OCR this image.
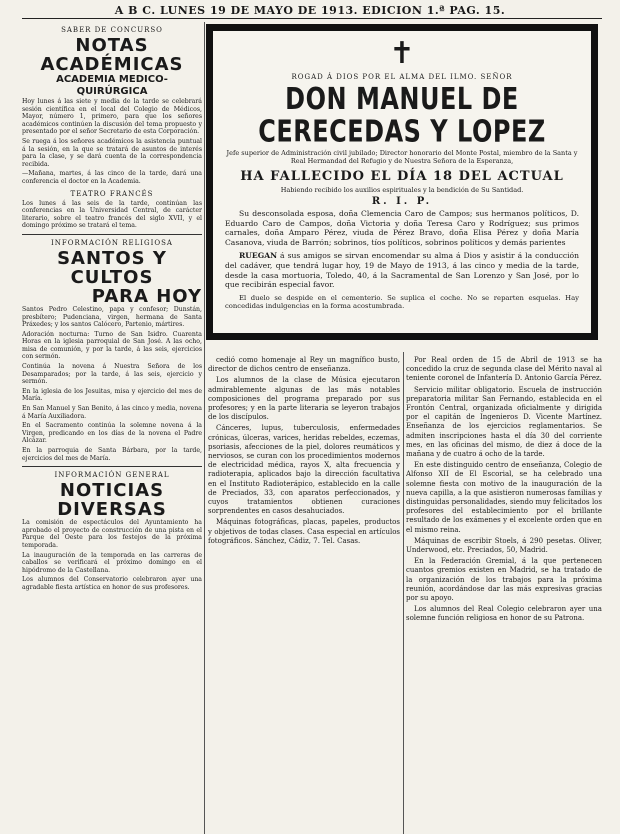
A B C. LUNES 19 DE MAYO DE 1913. EDICION 1.ª PAG. 15.
SABER DE CONCURSO
NOTAS ACADÉMICAS
ACADEMIA MEDICO-QUIRÚRGICA

Hoy lunes á las siete y media de la tarde se celebrará sesión científica en el local del Colegio de Médicos, Mayor, número 1, primero, para que los señores académicos continúen la discusión del tema propuesto y presentado por el señor Secretario de esta Corporación.

Se ruega á los señores académicos la asistencia puntual á la sesión, en la que se tratará de asuntos de interés para la clase, y se dará cuenta de la correspondencia recibida.

—Mañana, martes, á las cinco de la tarde, dará una conferencia el doctor en la Academia.

TEATRO FRANCÉS

Los lunes á las seis de la tarde, continúan las conferencias en la Universidad Central, de carácter literario, sobre el teatro francés del siglo XVII, y el domingo próximo se tratará el tema.

INFORMACIÓN RELIGIOSA
SANTOS Y CULTOS
PARA HOY

Santos Pedro Celestino, papa y confesor; Dunstán, presbítero; Pudenciana, virgen, hermana de Santa Práxedes; y los santos Calócero, Partenio, mártires.

Adoración nocturna: Turno de San Isidro. Cuarenta Horas en la iglesia parroquial de San José. A las ocho, misa de comunión, y por la tarde, á las seis, ejercicios con sermón.

Continúa la novena á Nuestra Señora de los Desamparados; por la tarde, á las seis, ejercicio y sermón.

En la iglesia de los Jesuitas, misa y ejercicio del mes de María.

En San Manuel y San Benito, á las cinco y media, novena á María Auxiliadora.

En el Sacramento continúa la solemne novena á la Virgen, predicando en los días de la novena el Padre Alcázar.

En la parroquia de Santa Bárbara, por la tarde, ejercicios del mes de María.

INFORMACIÓN GENERAL
NOTICIAS DIVERSAS

La comisión de espectáculos del Ayuntamiento ha aprobado el proyecto de construcción de una pista en el Parque del Oeste para los festejos de la próxima temporada.

La inauguración de la temporada en las carreras de caballos se verificará el próximo domingo en el hipódromo de la Castellana.

Los alumnos del Conservatorio celebraron ayer una agradable fiesta artística en honor de sus profesores.

✝
ROGAD Á DIOS POR EL ALMA DEL ILMO. SEÑOR
DON MANUEL DE CERECEDAS Y LOPEZ
Jefe superior de Administración civil jubilado; Director honorario del Monte Postal, miembro de la Santa y Real Hermandad del Refugio y de Nuestra Señora de la Esperanza,
HA FALLECIDO EL DÍA 18 DEL ACTUAL
Habiendo recibido los auxilios espirituales y la bendición de Su Santidad.
R. I. P.

Su desconsolada esposa, doña Clemencia Caro de Campos; sus hermanos políticos, D. Eduardo Caro de Campos, doña Victoria y doña Teresa Caro y Rodríguez; sus primos carnales, doña Amparo Pérez, viuda de Pérez Bravo, doña Elisa Pérez y doña María Casanova, viuda de Barrón; sobrinos, tíos políticos, sobrinos políticos y demás parientes

RUEGAN á sus amigos se sirvan encomendar su alma á Dios y asistir á la conducción del cadáver, que tendrá lugar hoy, 19 de Mayo de 1913, á las cinco y media de la tarde, desde la casa mortuoria, Toledo, 40, á la Sacramental de San Lorenzo y San José, por lo que recibirán especial favor.

El duelo se despide en el cementerio. Se suplica el coche. No se reparten esquelas. Hay concedidas indulgencias en la forma acostumbrada.

cedió como homenaje al Rey un magnífico busto, director de dichos centro de enseñanza.

Los alumnos de la clase de Música ejecutaron admirablemente algunas de las más notables composiciones del programa preparado por sus profesores; y en la parte literaria se leyeron trabajos de los discípulos.

Cánceres, lupus, tuberculosis, enfermedades crónicas, úlceras, varices, heridas rebeldes, eczemas, psoriasis, afecciones de la piel, dolores reumáticos y nerviosos, se curan con los procedimientos modernos de electricidad médica, rayos X, alta frecuencia y radioterapia, aplicados bajo la dirección facultativa en el Instituto Radioterápico, establecido en la calle de Preciados, 33, con aparatos perfeccionados, y cuyos tratamientos obtienen curaciones sorprendentes en casos desahuciados.

Máquinas fotográficas, placas, papeles, productos y objetivos de todas clases. Casa especial en artículos fotográficos. Sánchez, Cádiz, 7. Tel. Casas.

Por Real orden de 15 de Abril de 1913 se ha concedido la cruz de segunda clase del Mérito naval al teniente coronel de Infantería D. Antonio García Pérez.

Servicio militar obligatorio. Escuela de instrucción preparatoria militar San Fernando, establecida en el Frontón Central, organizada oficialmente y dirigida por el capitán de Ingenieros D. Vicente Martínez. Enseñanza de los ejercicios reglamentarios. Se admiten inscripciones hasta el día 30 del corriente mes, en las oficinas del mismo, de diez á doce de la mañana y de cuatro á ocho de la tarde.

En este distinguido centro de enseñanza, Colegio de Alfonso XII de El Escorial, se ha celebrado una solemne fiesta con motivo de la inauguración de la nueva capilla, a la que asistieron numerosas familias y distinguidas personalidades, siendo muy felicitados los profesores del establecimiento por el brillante resultado de los exámenes y el excelente orden que en el mismo reina.

Máquinas de escribir Stoels, á 290 pesetas. Oliver, Underwood, etc. Preciados, 50, Madrid.

En la Federación Gremial, á la que pertenecen cuantos gremios existen en Madrid, se ha tratado de la organización de los trabajos para la próxima reunión, acordándose dar las más expresivas gracias por su apoyo.

Los alumnos del Real Colegio celebraron ayer una solemne función religiosa en honor de su Patrona.
